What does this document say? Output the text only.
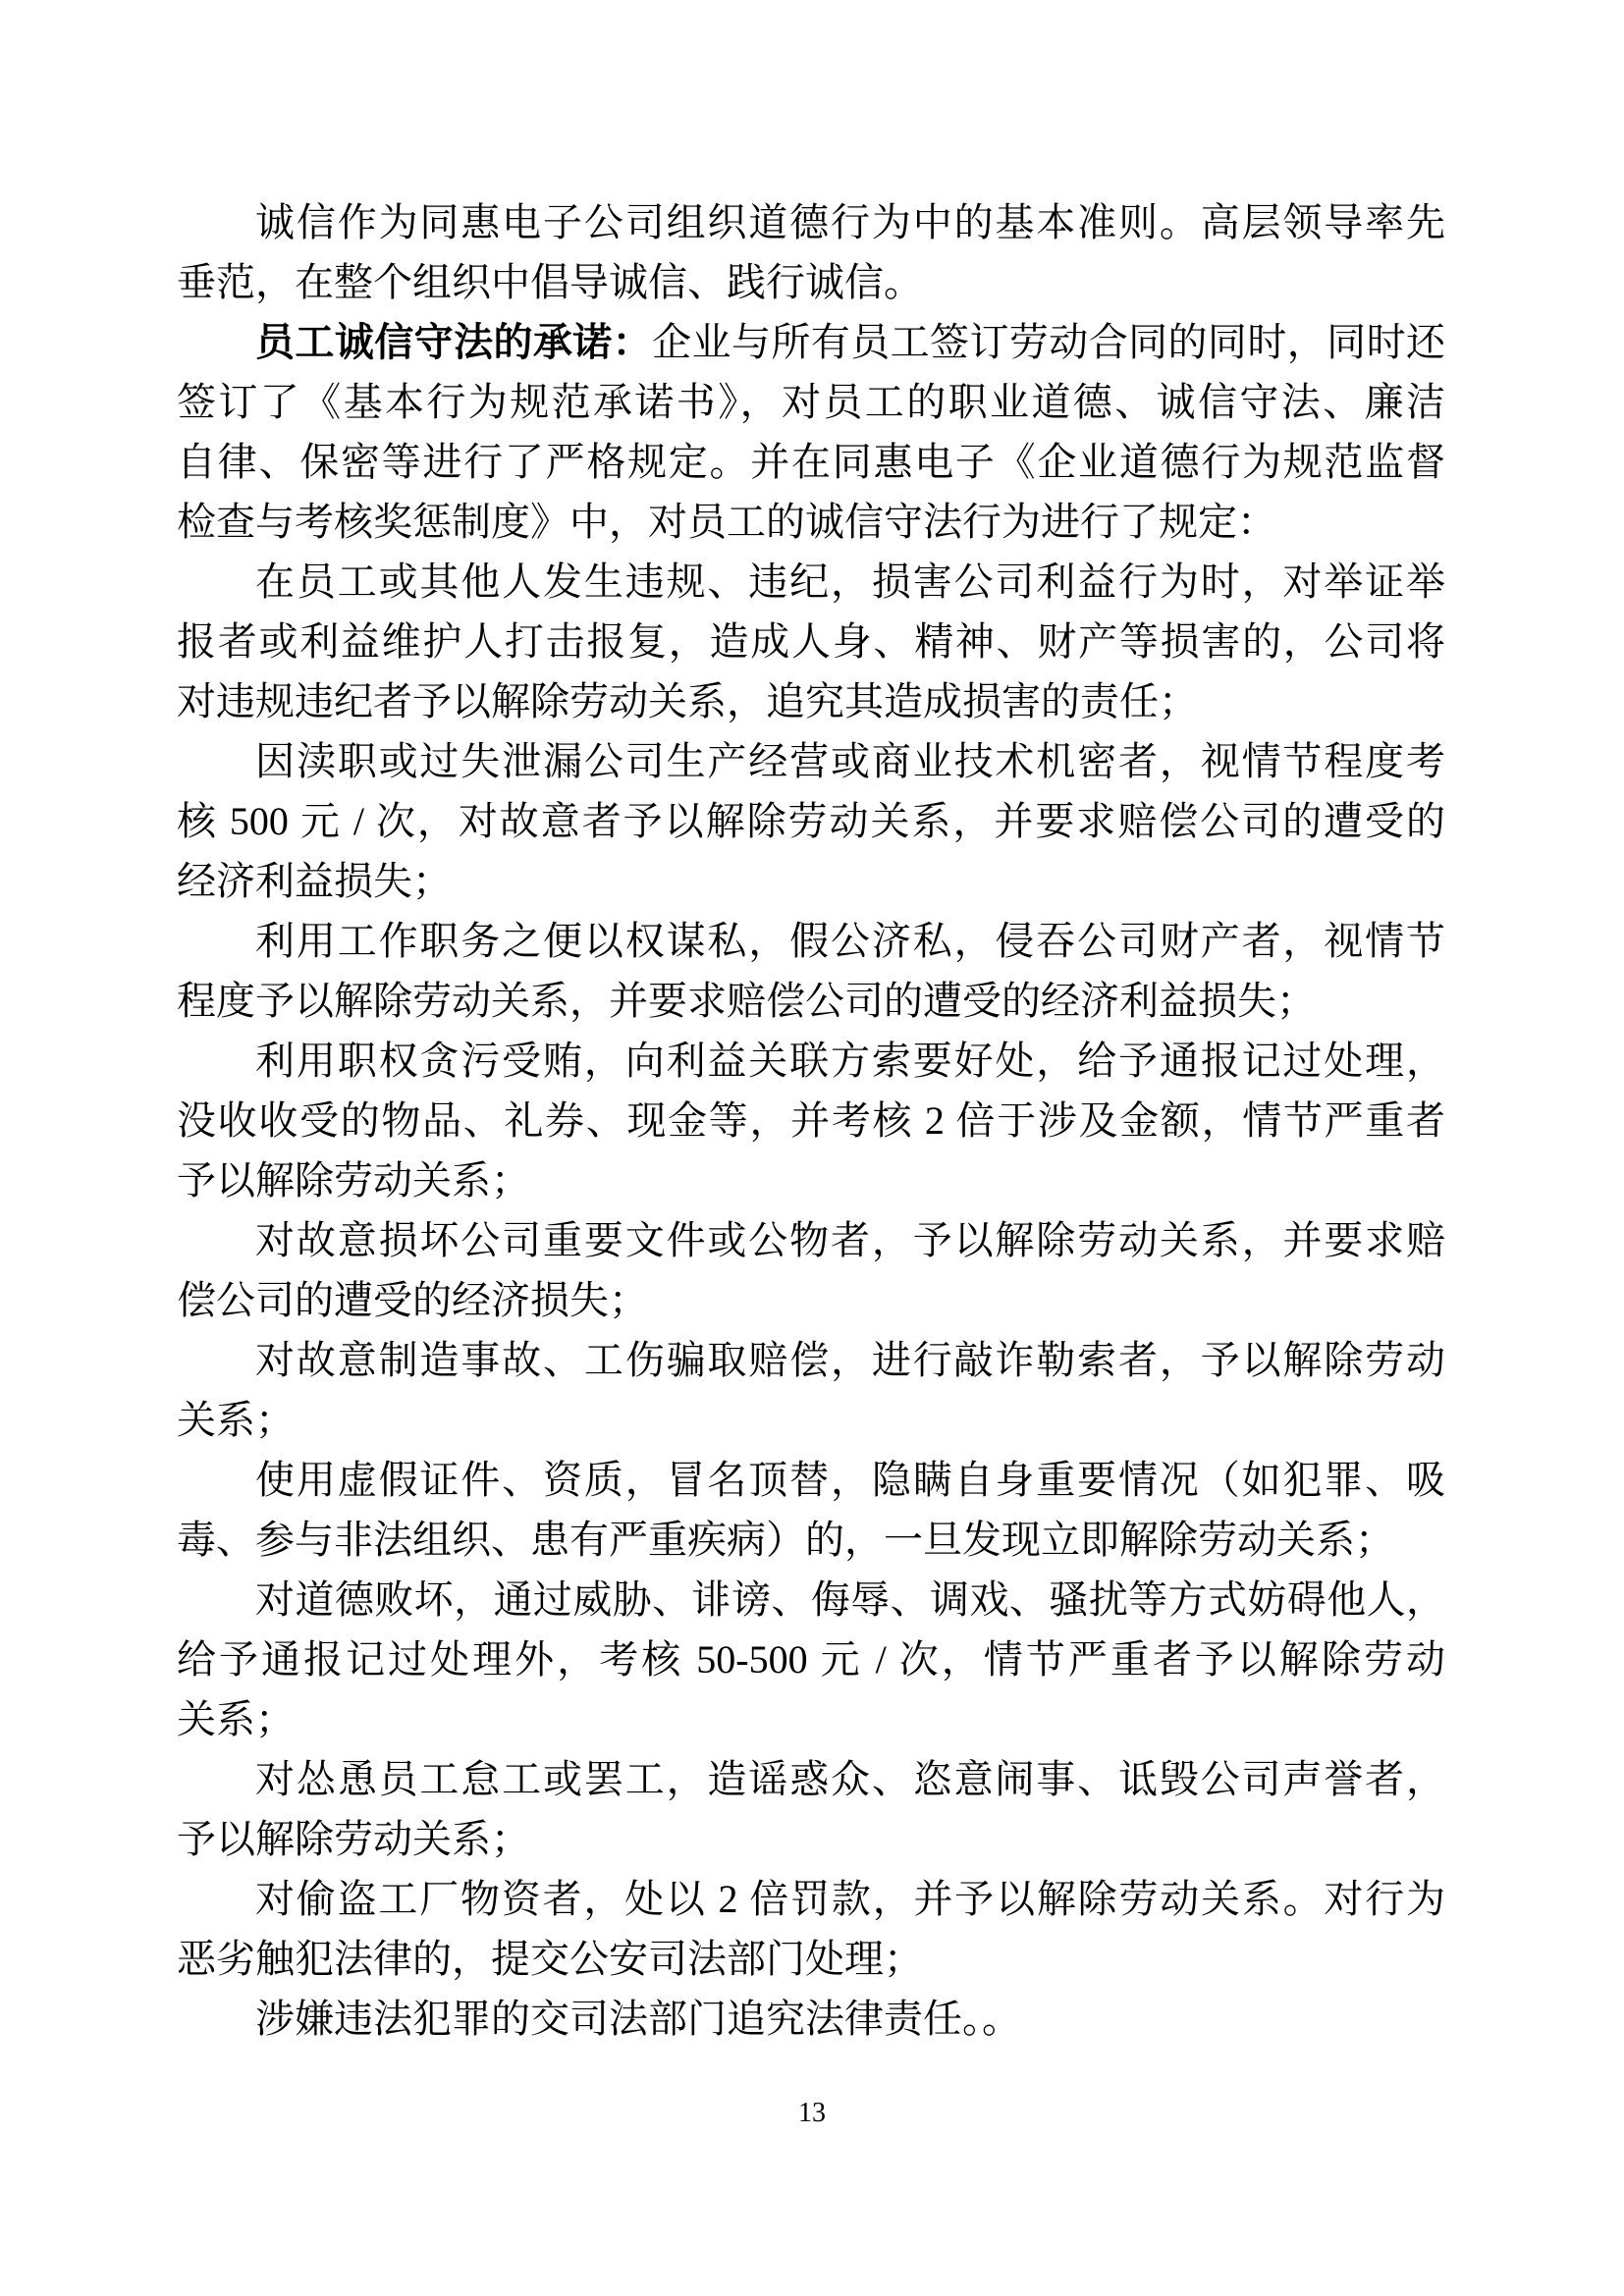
诚信作为同惠电子公司组织道德行为中的基本准则。高层领导率先
垂范，在整个组织中倡导诚信、践行诚信。
员工诚信守法的承诺：企业与所有员工签订劳动合同的同时，同时还
签订了《基本行为规范承诺书》，对员工的职业道德、诚信守法、廉洁
自律、保密等进行了严格规定。并在同惠电子《企业道德行为规范监督
检查与考核奖惩制度》中，对员工的诚信守法行为进行了规定：
在员工或其他人发生违规、违纪，损害公司利益行为时，对举证举
报者或利益维护人打击报复，造成人身、精神、财产等损害的，公司将
对违规违纪者予以解除劳动关系，追究其造成损害的责任；
因渎职或过失泄漏公司生产经营或商业技术机密者，视情节程度考
核 500 元 / 次，对故意者予以解除劳动关系，并要求赔偿公司的遭受的
经济利益损失；
利用工作职务之便以权谋私，假公济私，侵吞公司财产者，视情节
程度予以解除劳动关系，并要求赔偿公司的遭受的经济利益损失；
利用职权贪污受贿，向利益关联方索要好处，给予通报记过处理，
没收收受的物品、礼券、现金等，并考核 2 倍于涉及金额，情节严重者
予以解除劳动关系；
对故意损坏公司重要文件或公物者，予以解除劳动关系，并要求赔
偿公司的遭受的经济损失；
对故意制造事故、工伤骗取赔偿，进行敲诈勒索者，予以解除劳动
关系；
使用虚假证件、资质，冒名顶替，隐瞒自身重要情况（如犯罪、吸
毒、参与非法组织、患有严重疾病）的，一旦发现立即解除劳动关系；
对道德败坏，通过威胁、诽谤、侮辱、调戏、骚扰等方式妨碍他人，
给予通报记过处理外，考核 50-500 元 / 次，情节严重者予以解除劳动
关系；
对怂恿员工怠工或罢工，造谣惑众、恣意闹事、诋毁公司声誉者，
予以解除劳动关系；
对偷盗工厂物资者，处以 2 倍罚款，并予以解除劳动关系。对行为
恶劣触犯法律的，提交公安司法部门处理；
涉嫌违法犯罪的交司法部门追究法律责任。。
13
